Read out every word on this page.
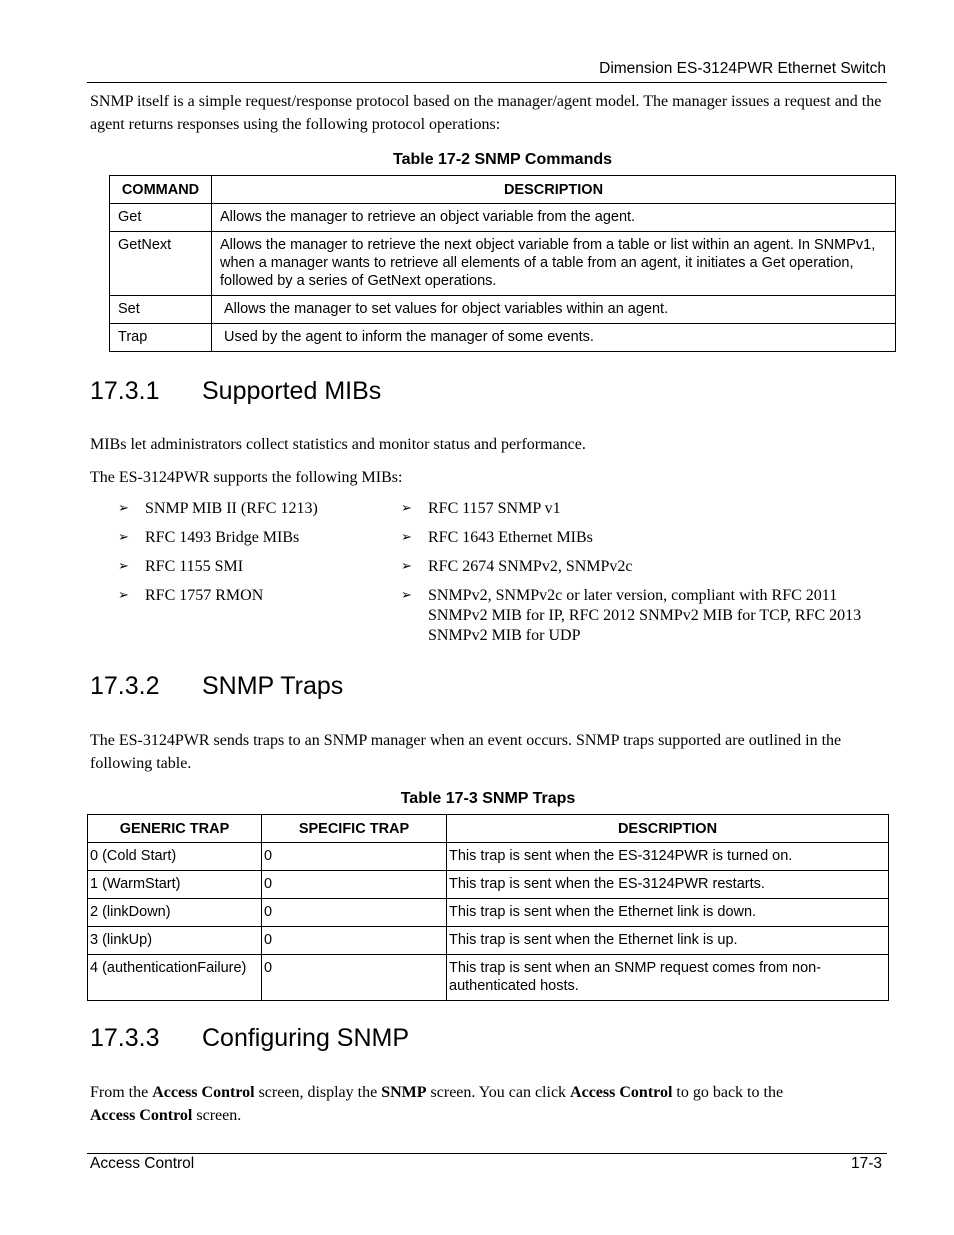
Dimension ES-3124PWR Ethernet Switch
SNMP itself is a simple request/response protocol based on the manager/agent model. The manager issues a request and the agent returns responses using the following protocol operations:
Table 17-2 SNMP Commands
COMMAND	DESCRIPTION
Get	Allows the manager to retrieve an object variable from the agent.
GetNext	Allows the manager to retrieve the next object variable from a table or list within an agent. In SNMPv1, when a manager wants to retrieve all elements of a table from an agent, it initiates a Get operation, followed by a series of GetNext operations.
Set	Allows the manager to set values for object variables within an agent.
Trap	Used by the agent to inform the manager of some events.
17.3.1 Supported MIBs
MIBs let administrators collect statistics and monitor status and performance.
The ES-3124PWR supports the following MIBs:
➢ SNMP MIB II (RFC 1213)
➢ RFC 1493 Bridge MIBs
➢ RFC 1155 SMI
➢ RFC 1757 RMON
➢ RFC 1157 SNMP v1
➢ RFC 1643 Ethernet MIBs
➢ RFC 2674 SNMPv2, SNMPv2c
➢ SNMPv2, SNMPv2c or later version, compliant with RFC 2011 SNMPv2 MIB for IP, RFC 2012 SNMPv2 MIB for TCP, RFC 2013 SNMPv2 MIB for UDP
17.3.2 SNMP Traps
The ES-3124PWR sends traps to an SNMP manager when an event occurs. SNMP traps supported are outlined in the following table.
Table 17-3 SNMP Traps
GENERIC TRAP	SPECIFIC TRAP	DESCRIPTION
0 (Cold Start)	0	This trap is sent when the ES-3124PWR is turned on.
1 (WarmStart)	0	This trap is sent when the ES-3124PWR restarts.
2 (linkDown)	0	This trap is sent when the Ethernet link is down.
3 (linkUp)	0	This trap is sent when the Ethernet link is up.
4 (authenticationFailure)	0	This trap is sent when an SNMP request comes from non-authenticated hosts.
17.3.3 Configuring SNMP
From the Access Control screen, display the SNMP screen. You can click Access Control to go back to the
Access Control screen.
Access Control	17-3
